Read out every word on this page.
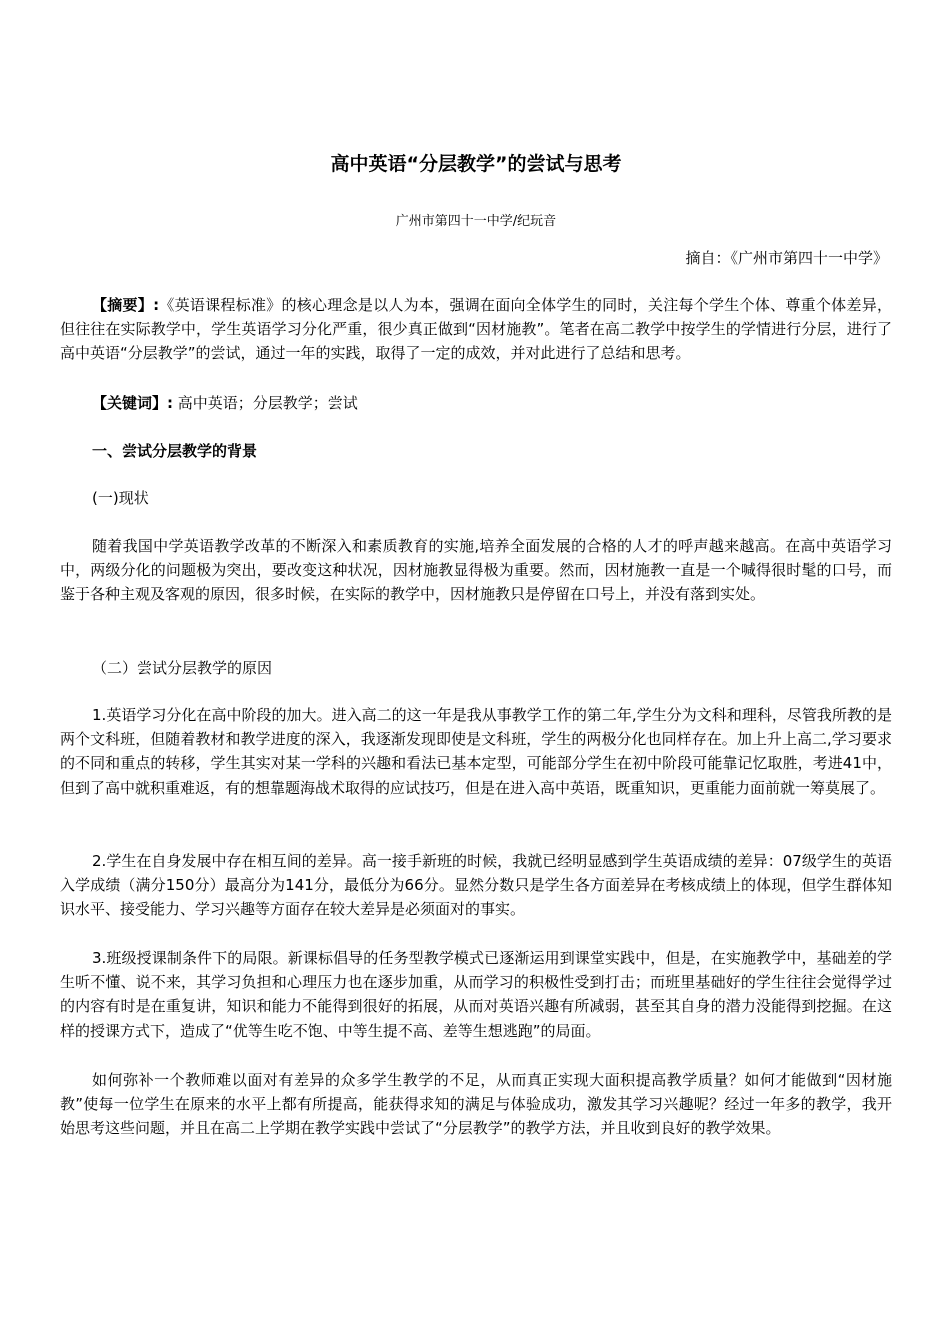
高中英语“分层教学”的尝试与思考

广州市第四十一中学/纪玩音

摘自：《广州市第四十一中学》

【摘要】:《英语课程标准》的核心理念是以人为本，强调在面向全体学生的同时，关注每个学生个体、尊重个体差异，但往往在实际教学中，学生英语学习分化严重，很少真正做到“因材施教”。笔者在高二教学中按学生的学情进行分层，进行了高中英语“分层教学”的尝试，通过一年的实践，取得了一定的成效，并对此进行了总结和思考。

【关键词】: 高中英语；分层教学；尝试

一、尝试分层教学的背景

(一)现状

随着我国中学英语教学改革的不断深入和素质教育的实施,培养全面发展的合格的人才的呼声越来越高。在高中英语学习中，两级分化的问题极为突出，要改变这种状况，因材施教显得极为重要。然而，因材施教一直是一个喊得很时髦的口号，而鉴于各种主观及客观的原因，很多时候，在实际的教学中，因材施教只是停留在口号上，并没有落到实处。

（二）尝试分层教学的原因

1.英语学习分化在高中阶段的加大。进入高二的这一年是我从事教学工作的第二年,学生分为文科和理科，尽管我所教的是两个文科班，但随着教材和教学进度的深入，我逐渐发现即使是文科班，学生的两极分化也同样存在。加上升上高二,学习要求的不同和重点的转移，学生其实对某一学科的兴趣和看法已基本定型，可能部分学生在初中阶段可能靠记忆取胜，考进41中，但到了高中就积重难返，有的想靠题海战术取得的应试技巧，但是在进入高中英语，既重知识，更重能力面前就一筹莫展了。

2.学生在自身发展中存在相互间的差异。高一接手新班的时候，我就已经明显感到学生英语成绩的差异：07级学生的英语入学成绩（满分150分）最高分为141分，最低分为66分。显然分数只是学生各方面差异在考核成绩上的体现，但学生群体知识水平、接受能力、学习兴趣等方面存在较大差异是必须面对的事实。

3.班级授课制条件下的局限。新课标倡导的任务型教学模式已逐渐运用到课堂实践中，但是，在实施教学中，基础差的学生听不懂、说不来，其学习负担和心理压力也在逐步加重，从而学习的积极性受到打击；而班里基础好的学生往往会觉得学过的内容有时是在重复讲，知识和能力不能得到很好的拓展，从而对英语兴趣有所减弱，甚至其自身的潜力没能得到挖掘。在这样的授课方式下，造成了“优等生吃不饱、中等生提不高、差等生想逃跑”的局面。

如何弥补一个教师难以面对有差异的众多学生教学的不足，从而真正实现大面积提高教学质量？如何才能做到“因材施教”使每一位学生在原来的水平上都有所提高，能获得求知的满足与体验成功，激发其学习兴趣呢？经过一年多的教学，我开始思考这些问题，并且在高二上学期在教学实践中尝试了“分层教学”的教学方法，并且收到良好的教学效果。
